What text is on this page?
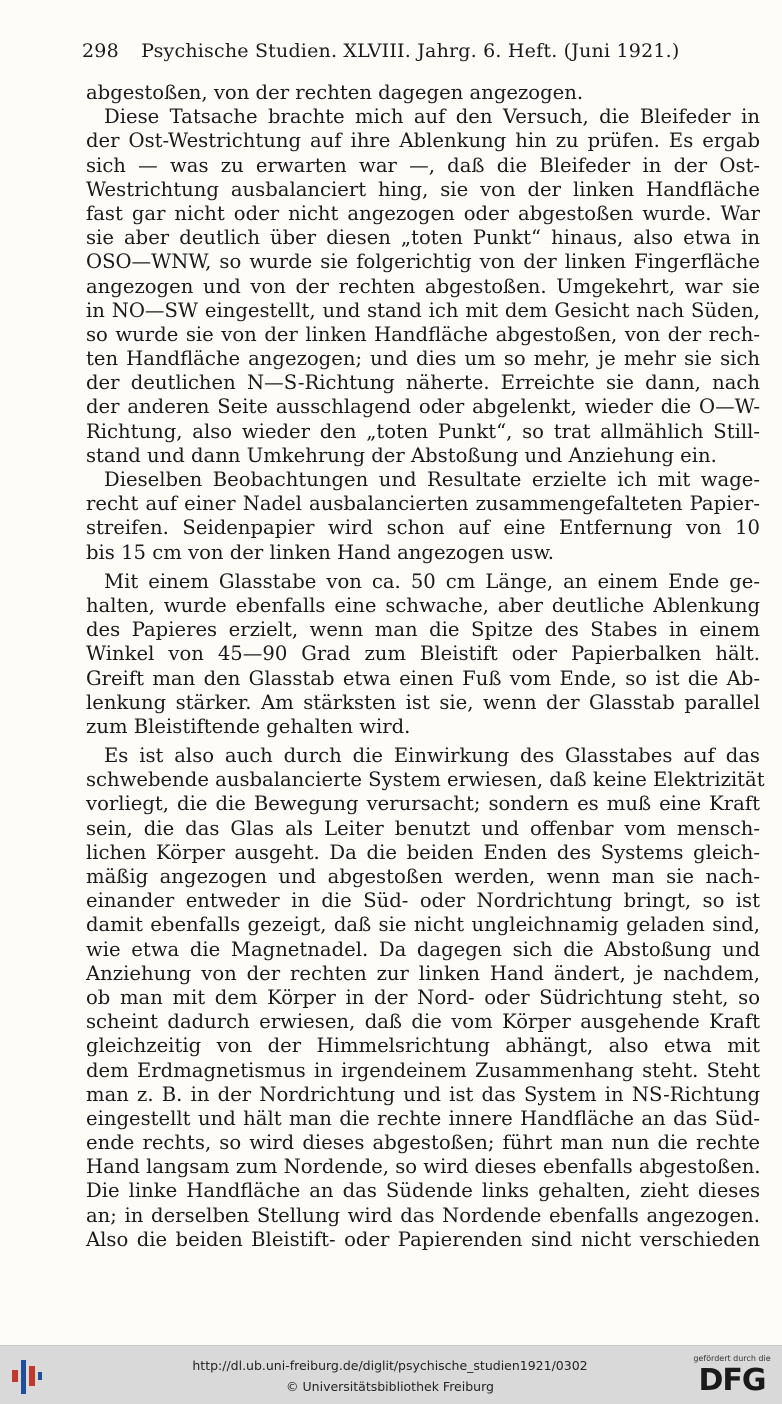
298 Psychische Studien. XLVIII. Jahrg. 6. Heft. (Juni 1921.)
abgestoßen, von der rechten dagegen angezogen.
Diese Tatsache brachte mich auf den Versuch, die Bleifeder in
der Ost-Westrichtung auf ihre Ablenkung hin zu prüfen. Es ergab
sich — was zu erwarten war —, daß die Bleifeder in der Ost-
Westrichtung ausbalanciert hing, sie von der linken Handfläche
fast gar nicht oder nicht angezogen oder abgestoßen wurde. War
sie aber deutlich über diesen „toten Punkt“ hinaus, also etwa in
OSO—WNW, so wurde sie folgerichtig von der linken Fingerfläche
angezogen und von der rechten abgestoßen. Umgekehrt, war sie
in NO—SW eingestellt, und stand ich mit dem Gesicht nach Süden,
so wurde sie von der linken Handfläche abgestoßen, von der rech-
ten Handfläche angezogen; und dies um so mehr, je mehr sie sich
der deutlichen N—S-Richtung näherte. Erreichte sie dann, nach
der anderen Seite ausschlagend oder abgelenkt, wieder die O—W-
Richtung, also wieder den „toten Punkt“, so trat allmählich Still-
stand und dann Umkehrung der Abstoßung und Anziehung ein.
Dieselben Beobachtungen und Resultate erzielte ich mit wage-
recht auf einer Nadel ausbalancierten zusammengefalteten Papier-
streifen. Seidenpapier wird schon auf eine Entfernung von 10
bis 15 cm von der linken Hand angezogen usw.
Mit einem Glasstabe von ca. 50 cm Länge, an einem Ende ge-
halten, wurde ebenfalls eine schwache, aber deutliche Ablenkung
des Papieres erzielt, wenn man die Spitze des Stabes in einem
Winkel von 45—90 Grad zum Bleistift oder Papierbalken hält.
Greift man den Glasstab etwa einen Fuß vom Ende, so ist die Ab-
lenkung stärker. Am stärksten ist sie, wenn der Glasstab parallel
zum Bleistiftende gehalten wird.
Es ist also auch durch die Einwirkung des Glasstabes auf das
schwebende ausbalancierte System erwiesen, daß keine Elektrizität
vorliegt, die die Bewegung verursacht; sondern es muß eine Kraft
sein, die das Glas als Leiter benutzt und offenbar vom mensch-
lichen Körper ausgeht. Da die beiden Enden des Systems gleich-
mäßig angezogen und abgestoßen werden, wenn man sie nach-
einander entweder in die Süd- oder Nordrichtung bringt, so ist
damit ebenfalls gezeigt, daß sie nicht ungleichnamig geladen sind,
wie etwa die Magnetnadel. Da dagegen sich die Abstoßung und
Anziehung von der rechten zur linken Hand ändert, je nachdem,
ob man mit dem Körper in der Nord- oder Südrichtung steht, so
scheint dadurch erwiesen, daß die vom Körper ausgehende Kraft
gleichzeitig von der Himmelsrichtung abhängt, also etwa mit
dem Erdmagnetismus in irgendeinem Zusammenhang steht. Steht
man z. B. in der Nordrichtung und ist das System in NS-Richtung
eingestellt und hält man die rechte innere Handfläche an das Süd-
ende rechts, so wird dieses abgestoßen; führt man nun die rechte
Hand langsam zum Nordende, so wird dieses ebenfalls abgestoßen.
Die linke Handfläche an das Südende links gehalten, zieht dieses
an; in derselben Stellung wird das Nordende ebenfalls angezogen.
Also die beiden Bleistift- oder Papierenden sind nicht verschieden
http://dl.ub.uni-freiburg.de/diglit/psychische_studien1921/0302
© Universitätsbibliothek Freiburg
gefördert durch die
DFG
